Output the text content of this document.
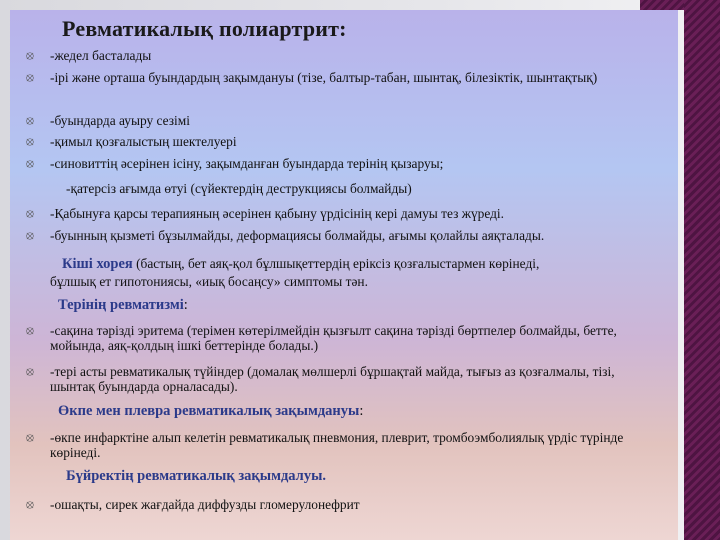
Ревматикалық полиартрит:
⦻	-жедел басталады
⦻	-ірі және орташа буындардың зақымдануы (тізе, балтыр-табан, шынтақ, білезіктік, шынтақтық)
⦻	-буындарда ауыру сезімі
⦻	-қимыл қозғалыстың шектелуері
⦻	-синовиттің әсерінен ісіну, зақымданған буындарда терінің қызаруы;
-қатерсіз ағымда өтуі (сүйектердің деструкциясы болмайды)
⦻	-Қабынуға қарсы терапияның әсерінен қабыну үрдісінің кері дамуы тез жүреді.
⦻	-буынның қызметі бұзылмайды, деформациясы болмайды, ағымы қолайлы аяқталады.
Кіші хорея (бастың, бет аяқ-қол бұлшықеттердің еріксіз қозғалыстармен көрінеді,
бұлшық ет гипотониясы, «иық босаңсу» симптомы тән.
Терінің ревматизмі:
⦻	-сақина тәрізді эритема (терімен көтерілмейдін қызғылт сақина тәрізді бөртпелер болмайды, бетте, мойында, аяқ-қолдың ішкі беттерінде болады.)
⦻	-тері асты ревматикалық түйіндер (домалақ мөлшерлі бұршақтай майда, тығыз аз қозғалмалы, тізі, шынтақ буындарда орналасады).
Өкпе мен плевра ревматикалық зақымдануы:
⦻	-өкпе инфарктіне алып келетін ревматикалық пневмония, плеврит, тромбоэмболиялық үрдіс түрінде көрінеді.
Бүйректің ревматикалық зақымдалуы.
⦻	-ошақты, сирек жағдайда диффузды гломерулонефрит
